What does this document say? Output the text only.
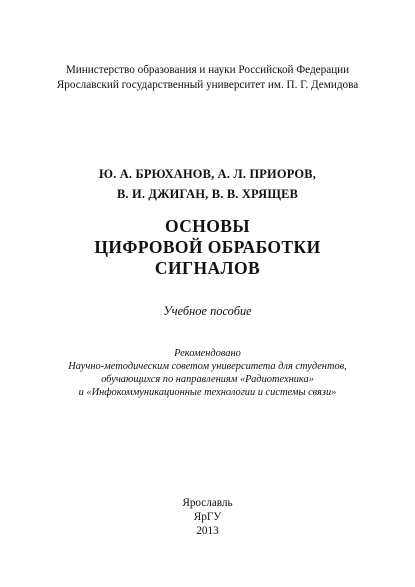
Министерство образования и науки Российской Федерации
Ярославский государственный университет им. П. Г. Демидова
Ю. А. БРЮХАНОВ, А. Л. ПРИОРОВ,
В. И. ДЖИГАН, В. В. ХРЯЩЕВ
ОСНОВЫ
ЦИФРОВОЙ ОБРАБОТКИ
СИГНАЛОВ
Учебное пособие
Рекомендовано
Научно-методическим советом университета для студентов,
обучающихся по направлениям «Радиотехника»
и «Инфокоммуникационные технологии и системы связи»
Ярославль
ЯрГУ
2013
